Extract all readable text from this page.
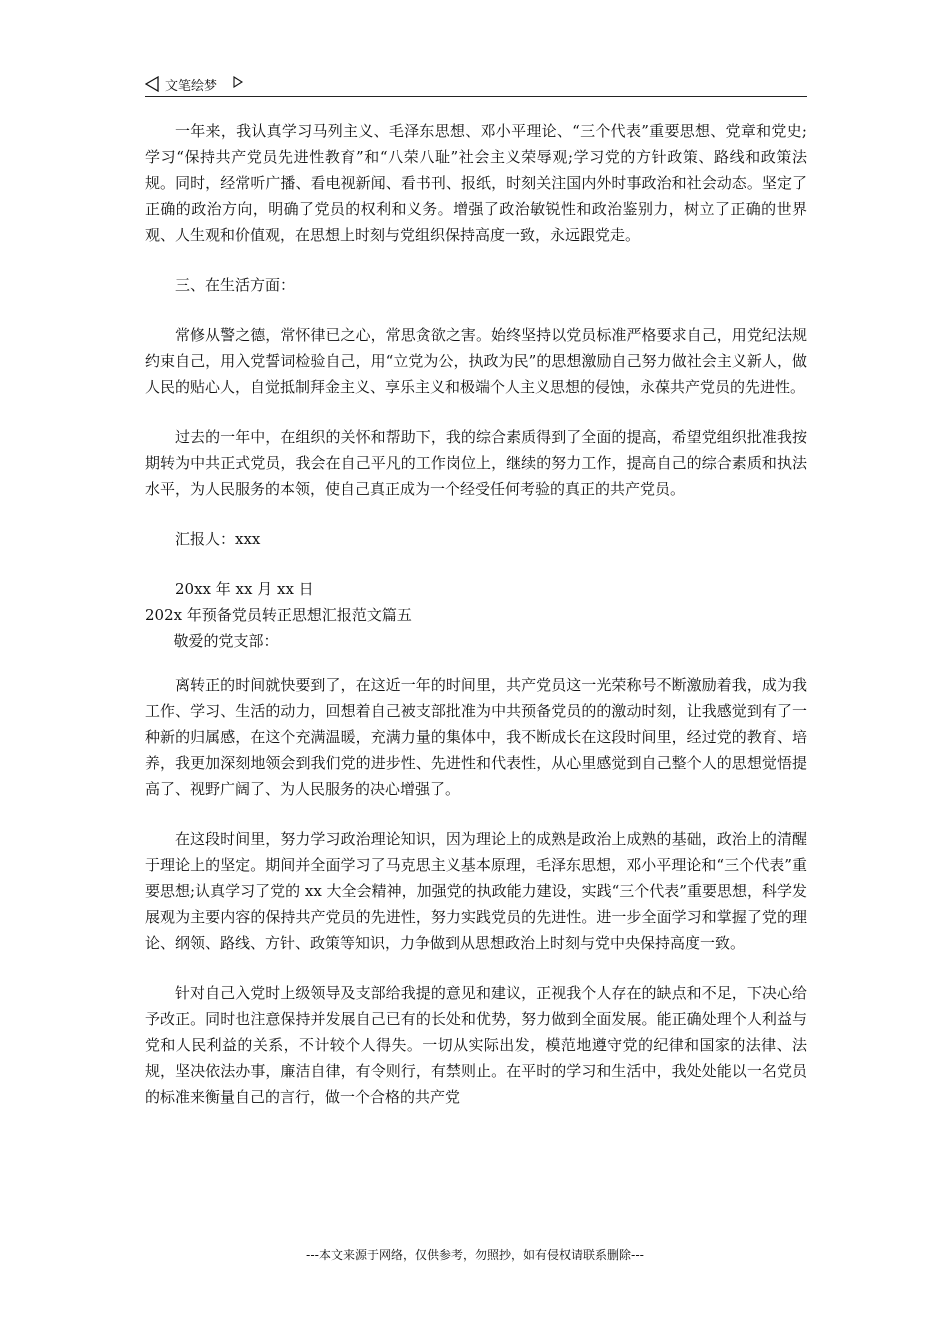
文笔绘梦

一年来，我认真学习马列主义、毛泽东思想、邓小平理论、“三个代表”重要思想、党章和党史;学习“保持共产党员先进性教育”和“八荣八耻”社会主义荣辱观;学习党的方针政策、路线和政策法规。同时，经常听广播、看电视新闻、看书刊、报纸，时刻关注国内外时事政治和社会动态。坚定了正确的政治方向，明确了党员的权利和义务。增强了政治敏锐性和政治鉴别力，树立了正确的世界观、人生观和价值观，在思想上时刻与党组织保持高度一致，永远跟党走。

三、在生活方面：

常修从警之德，常怀律已之心，常思贪欲之害。始终坚持以党员标准严格要求自己，用党纪法规约束自己，用入党誓词检验自己，用“立党为公，执政为民”的思想激励自己努力做社会主义新人，做人民的贴心人，自觉抵制拜金主义、享乐主义和极端个人主义思想的侵蚀，永葆共产党员的先进性。

过去的一年中，在组织的关怀和帮助下，我的综合素质得到了全面的提高，希望党组织批准我按期转为中共正式党员，我会在自己平凡的工作岗位上，继续的努力工作，提高自己的综合素质和执法水平，为人民服务的本领，使自己真正成为一个经受任何考验的真正的共产党员。

汇报人：xxx

20xx 年 xx 月 xx 日

202x 年预备党员转正思想汇报范文篇五

敬爱的党支部：

离转正的时间就快要到了，在这近一年的时间里，共产党员这一光荣称号不断激励着我，成为我工作、学习、生活的动力，回想着自己被支部批准为中共预备党员的的激动时刻，让我感觉到有了一种新的归属感，在这个充满温暖，充满力量的集体中，我不断成长在这段时间里，经过党的教育、培养，我更加深刻地领会到我们党的进步性、先进性和代表性，从心里感觉到自己整个人的思想觉悟提高了、视野广阔了、为人民服务的决心增强了。

在这段时间里，努力学习政治理论知识，因为理论上的成熟是政治上成熟的基础，政治上的清醒于理论上的坚定。期间并全面学习了马克思主义基本原理，毛泽东思想，邓小平理论和“三个代表”重要思想;认真学习了党的 xx 大全会精神，加强党的执政能力建设，实践“三个代表”重要思想，科学发展观为主要内容的保持共产党员的先进性，努力实践党员的先进性。进一步全面学习和掌握了党的理论、纲领、路线、方针、政策等知识，力争做到从思想政治上时刻与党中央保持高度一致。

针对自己入党时上级领导及支部给我提的意见和建议，正视我个人存在的缺点和不足，下决心给予改正。同时也注意保持并发展自己已有的长处和优势，努力做到全面发展。能正确处理个人利益与党和人民利益的关系，不计较个人得失。一切从实际出发，模范地遵守党的纪律和国家的法律、法规，坚决依法办事，廉洁自律，有令则行，有禁则止。在平时的学习和生活中，我处处能以一名党员的标准来衡量自己的言行，做一个合格的共产党

---本文来源于网络，仅供参考，勿照抄，如有侵权请联系删除---
